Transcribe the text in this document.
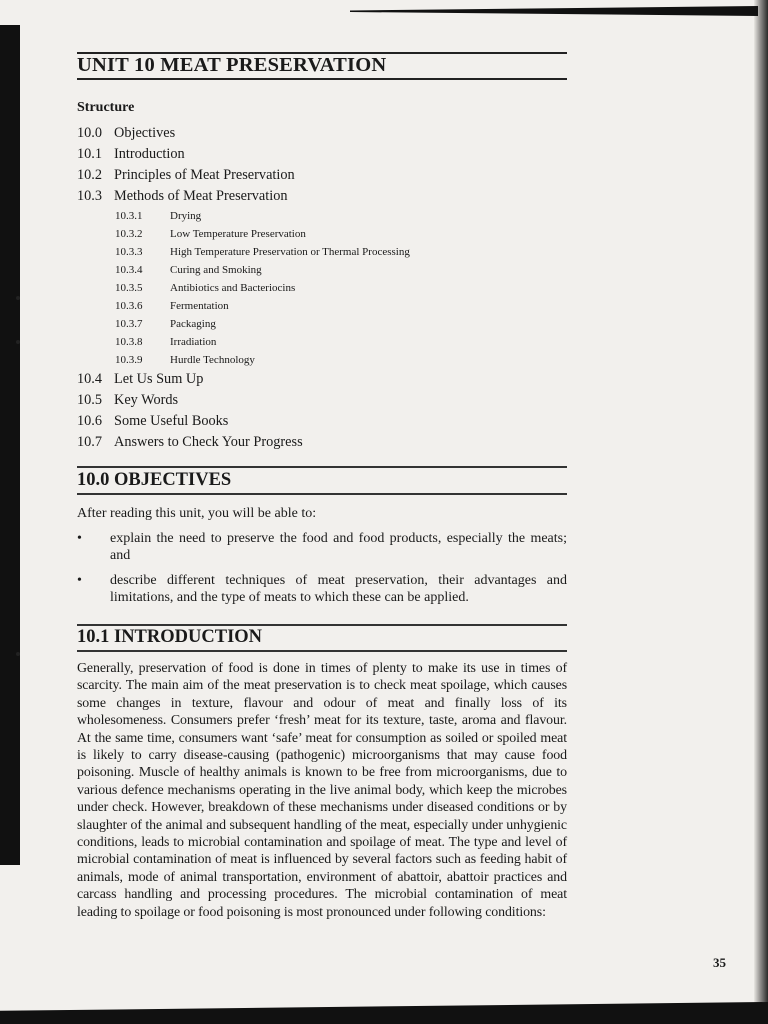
UNIT 10 MEAT PRESERVATION
Structure
10.0 Objectives
10.1 Introduction
10.2 Principles of Meat Preservation
10.3 Methods of Meat Preservation
10.3.1	Drying
10.3.2	Low Temperature Preservation
10.3.3	High Temperature Preservation or Thermal Processing
10.3.4	Curing and Smoking
10.3.5	Antibiotics and Bacteriocins
10.3.6	Fermentation
10.3.7	Packaging
10.3.8	Irradiation
10.3.9	Hurdle Technology
10.4 Let Us Sum Up
10.5 Key Words
10.6 Some Useful Books
10.7 Answers to Check Your Progress
10.0 OBJECTIVES
After reading this unit, you will be able to:
•	explain the need to preserve the food and food products, especially the meats; and
•	describe different techniques of meat preservation, their advantages and limitations, and the type of meats to which these can be applied.
10.1 INTRODUCTION
Generally, preservation of food is done in times of plenty to make its use in times of scarcity. The main aim of the meat preservation is to check meat spoilage, which causes some changes in texture, flavour and odour of meat and finally loss of its wholesomeness. Consumers prefer ‘fresh’ meat for its texture, taste, aroma and flavour. At the same time, consumers want ‘safe’ meat for consumption as soiled or spoiled meat is likely to carry disease-causing (pathogenic) microorganisms that may cause food poisoning. Muscle of healthy animals is known to be free from microorganisms, due to various defence mechanisms operating in the live animal body, which keep the microbes under check. However, breakdown of these mechanisms under diseased conditions or by slaughter of the animal and subsequent handling of the meat, especially under unhygienic conditions, leads to microbial contamination and spoilage of meat. The type and level of microbial contamination of meat is influenced by several factors such as feeding habit of animals, mode of animal transportation, environment of abattoir, abattoir practices and carcass handling and processing procedures. The microbial contamination of meat leading to spoilage or food poisoning is most pronounced under following conditions:
35
